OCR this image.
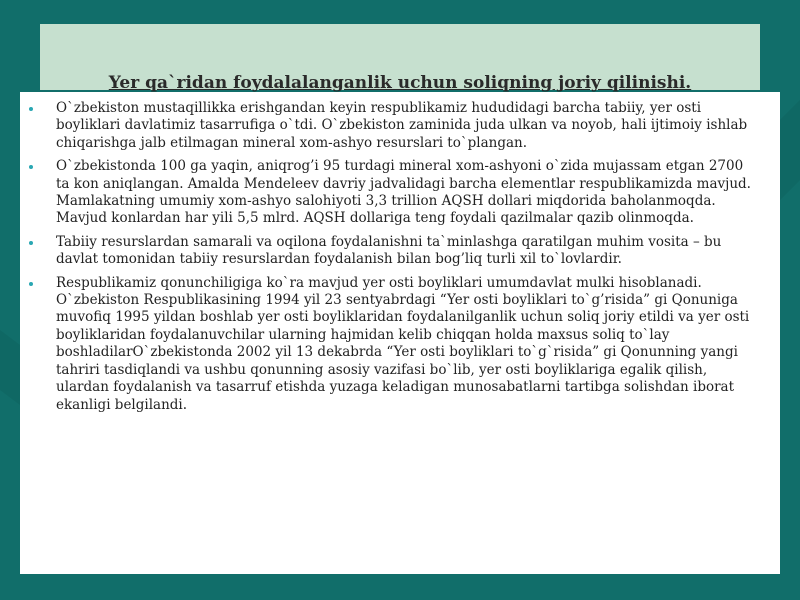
Yer qa`ridan foydalalanganlik uchun soliqning joriy qilinishi.
O`zbekiston mustaqillikka erishgandan keyin respublikamiz hududidagi barcha tabiiy, yer osti boyliklari davlatimiz tasarrufiga o`tdi. O`zbekiston zaminida juda ulkan va noyob, hali ijtimoiy ishlab chiqarishga jalb etilmagan mineral xom-ashyo resurslari to`plangan.
O`zbekistonda 100 ga yaqin, aniqrog’i 95 turdagi mineral xom-ashyoni o`zida mujassam etgan 2700 ta kon aniqlangan. Amalda Mendeleev davriy jadvalidagi barcha elementlar respublikamizda mavjud. Mamlakatning umumiy xom-ashyo salohiyoti 3,3 trillion AQSH dollari miqdorida baholanmoqda. Mavjud konlardan har yili 5,5 mlrd. AQSH dollariga teng foydali qazilmalar qazib olinmoqda.
Tabiiy resurslardan samarali va oqilona foydalanishni ta`minlashga qaratilgan muhim vosita – bu davlat tomonidan tabiiy resurslardan foydalanish bilan bog’liq turli xil to`lovlardir.
Respublikamiz qonunchiligiga ko`ra mavjud yer osti boyliklari umumdavlat mulki hisoblanadi. O`zbekiston Respublikasining 1994 yil 23 sentyabrdagi “Yer osti boyliklari to`g’risida” gi Qonuniga muvofiq 1995 yildan boshlab yer osti boyliklaridan foydalanilganlik uchun soliq joriy etildi va yer osti boyliklaridan foydalanuvchilar ularning hajmidan kelib chiqqan holda maxsus soliq to`lay boshladilarO`zbekistonda 2002 yil 13 dekabrda “Yer osti boyliklari to`g`risida” gi Qonunning yangi tahriri tasdiqlandi va ushbu qonunning asosiy vazifasi bo`lib, yer osti boyliklariga egalik qilish, ulardan foydalanish va tasarruf etishda yuzaga keladigan munosabatlarni tartibga solishdan iborat ekanligi belgilandi.
